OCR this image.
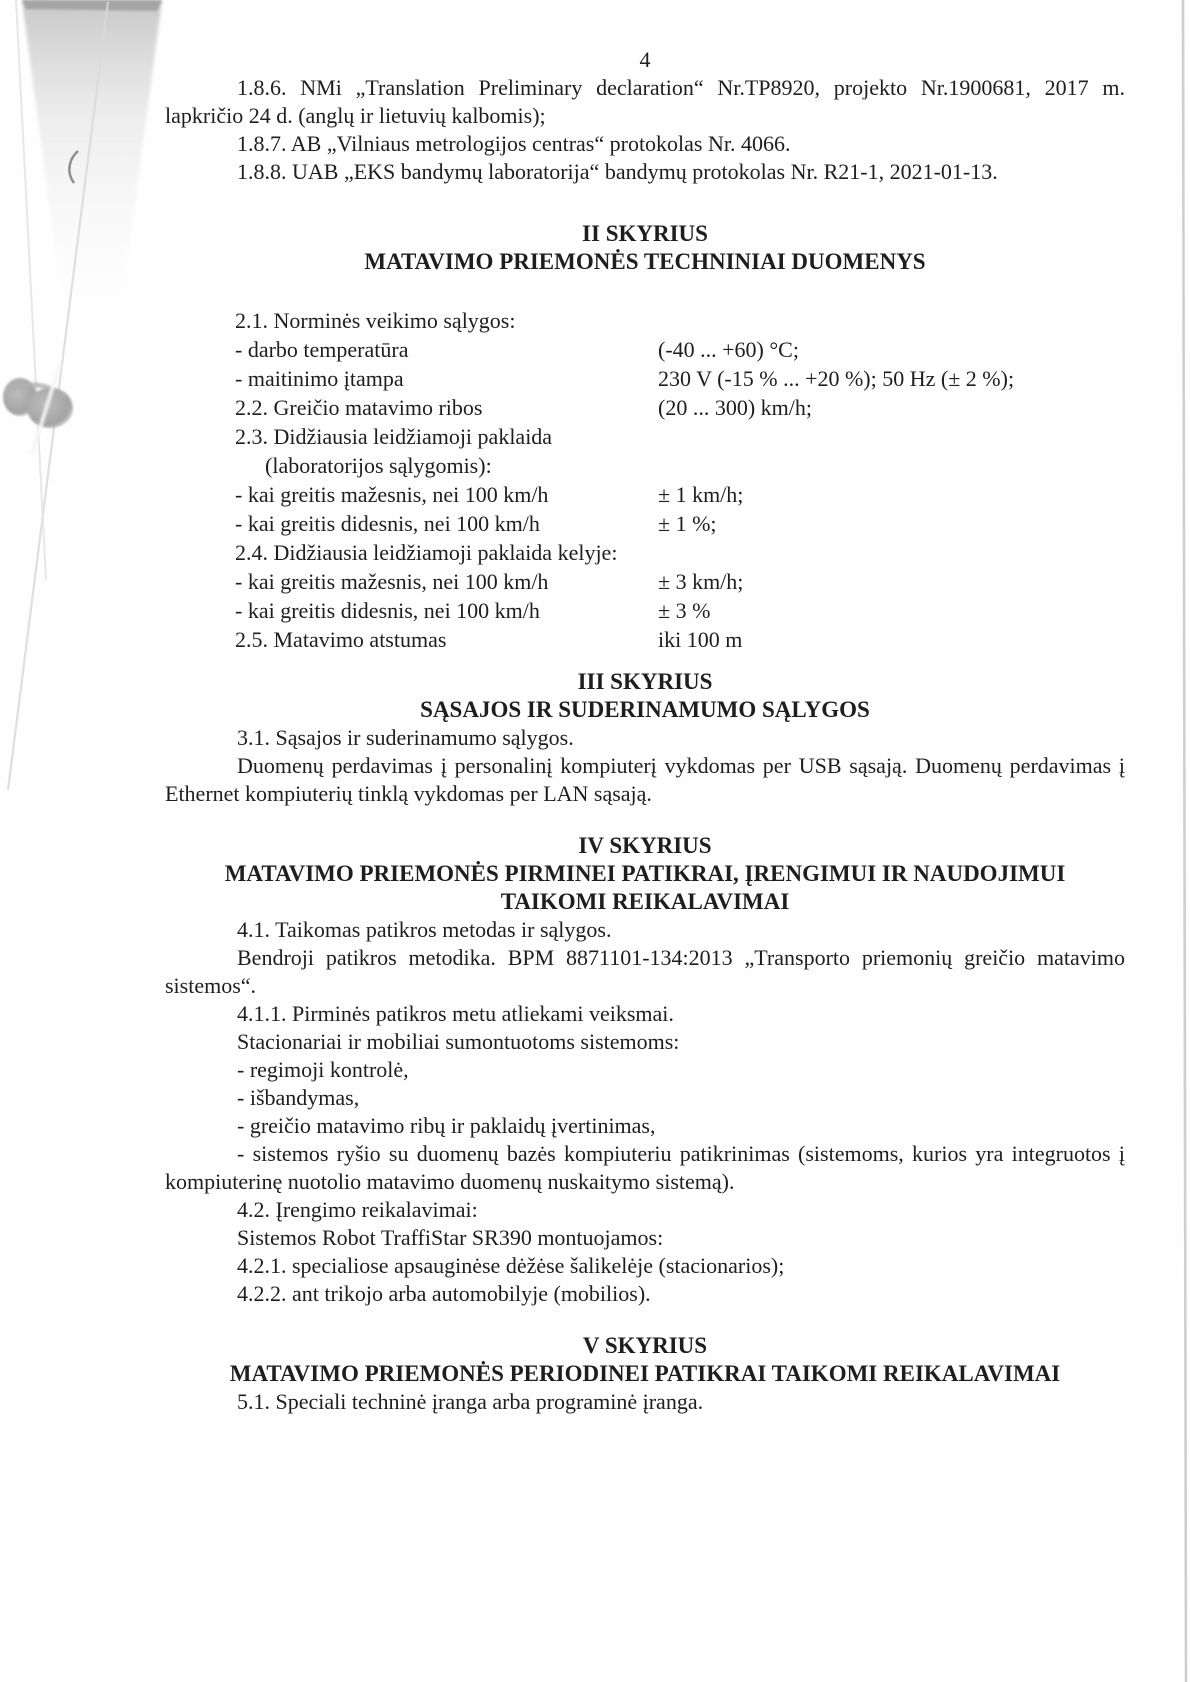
4

1.8.6. NMi „Translation Preliminary declaration“ Nr.TP8920, projekto Nr.1900681, 2017 m. lapkričio 24 d. (anglų ir lietuvių kalbomis);

1.8.7. AB „Vilniaus metrologijos centras“ protokolas Nr. 4066.

1.8.8. UAB „EKS bandymų laboratorija“ bandymų protokolas Nr. R21-1, 2021-01-13.

II SKYRIUS
MATAVIMO PRIEMONĖS TECHNINIAI DUOMENYS
2.1. Norminės veikimo sąlygos:
- darbo temperatūra	(-40 ... +60) °C;
- maitinimo įtampa	230 V (-15 % ... +20 %); 50 Hz (± 2 %);
2.2. Greičio matavimo ribos	(20 ... 300) km/h;
2.3. Didžiausia leidžiamoji paklaida
(laboratorijos sąlygomis):
- kai greitis mažesnis, nei 100 km/h	± 1 km/h;
- kai greitis didesnis, nei 100 km/h	± 1 %;
2.4. Didžiausia leidžiamoji paklaida kelyje:
- kai greitis mažesnis, nei 100 km/h	± 3 km/h;
- kai greitis didesnis, nei 100 km/h	± 3 %
2.5. Matavimo atstumas	iki 100 m
III SKYRIUS
SĄSAJOS IR SUDERINAMUMO SĄLYGOS

3.1. Sąsajos ir suderinamumo sąlygos.

Duomenų perdavimas į personalinį kompiuterį vykdomas per USB sąsają. Duomenų perdavimas į Ethernet kompiuterių tinklą vykdomas per LAN sąsają.

IV SKYRIUS
MATAVIMO PRIEMONĖS PIRMINEI PATIKRAI, ĮRENGIMUI IR NAUDOJIMUI
TAIKOMI REIKALAVIMAI

4.1. Taikomas patikros metodas ir sąlygos.

Bendroji patikros metodika. BPM 8871101-134:2013 „Transporto priemonių greičio matavimo sistemos“.

4.1.1. Pirminės patikros metu atliekami veiksmai.

Stacionariai ir mobiliai sumontuotoms sistemoms:

- regimoji kontrolė,

- išbandymas,

- greičio matavimo ribų ir paklaidų įvertinimas,

- sistemos ryšio su duomenų bazės kompiuteriu patikrinimas (sistemoms, kurios yra integruotos į kompiuterinę nuotolio matavimo duomenų nuskaitymo sistemą).

4.2. Įrengimo reikalavimai:

Sistemos Robot TraffiStar SR390 montuojamos:

4.2.1. specialiose apsauginėse dėžėse šalikelėje (stacionarios);

4.2.2. ant trikojo arba automobilyje (mobilios).

V SKYRIUS
MATAVIMO PRIEMONĖS PERIODINEI PATIKRAI TAIKOMI REIKALAVIMAI

5.1. Speciali techninė įranga arba programinė įranga.
